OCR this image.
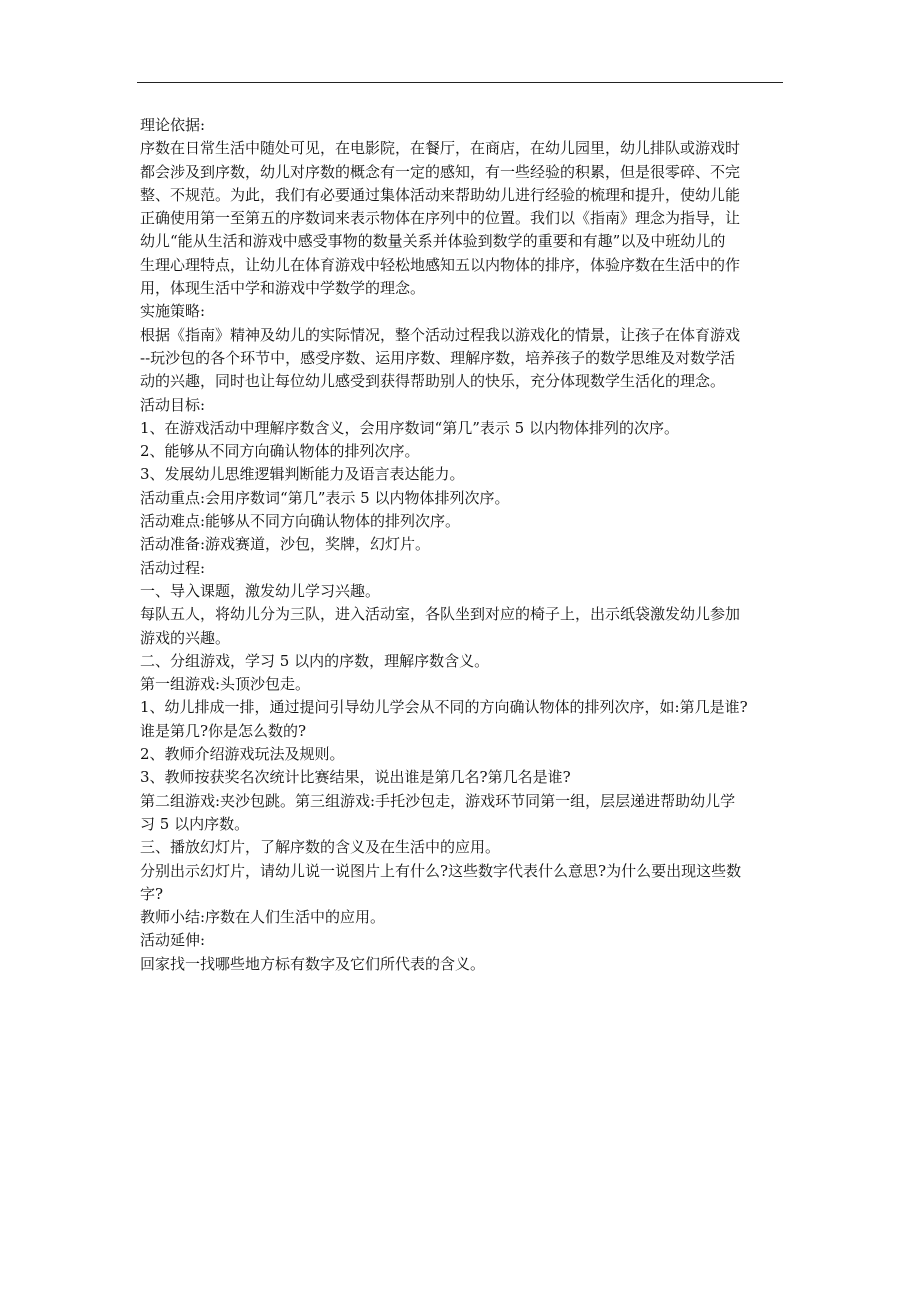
理论依据:
序数在日常生活中随处可见，在电影院，在餐厅，在商店，在幼儿园里，幼儿排队或游戏时
都会涉及到序数，幼儿对序数的概念有一定的感知，有一些经验的积累，但是很零碎、不完
整、不规范。为此，我们有必要通过集体活动来帮助幼儿进行经验的梳理和提升，使幼儿能
正确使用第一至第五的序数词来表示物体在序列中的位置。我们以《指南》理念为指导，让
幼儿“能从生活和游戏中感受事物的数量关系并体验到数学的重要和有趣”以及中班幼儿的
生理心理特点，让幼儿在体育游戏中轻松地感知五以内物体的排序，体验序数在生活中的作
用，体现生活中学和游戏中学数学的理念。
实施策略:
根据《指南》精神及幼儿的实际情况，整个活动过程我以游戏化的情景，让孩子在体育游戏
--玩沙包的各个环节中，感受序数、运用序数、理解序数，培养孩子的数学思维及对数学活
动的兴趣，同时也让每位幼儿感受到获得帮助别人的快乐，充分体现数学生活化的理念。
活动目标:
1、在游戏活动中理解序数含义，会用序数词“第几”表示 5 以内物体排列的次序。
2、能够从不同方向确认物体的排列次序。
3、发展幼儿思维逻辑判断能力及语言表达能力。
活动重点:会用序数词“第几”表示 5 以内物体排列次序。
活动难点:能够从不同方向确认物体的排列次序。
活动准备:游戏赛道，沙包，奖牌，幻灯片。
活动过程:
一、导入课题，激发幼儿学习兴趣。
每队五人，将幼儿分为三队，进入活动室，各队坐到对应的椅子上，出示纸袋激发幼儿参加
游戏的兴趣。
二、分组游戏，学习 5 以内的序数，理解序数含义。
第一组游戏:头顶沙包走。
1、幼儿排成一排，通过提问引导幼儿学会从不同的方向确认物体的排列次序，如:第几是谁?
谁是第几?你是怎么数的?
2、教师介绍游戏玩法及规则。
3、教师按获奖名次统计比赛结果，说出谁是第几名?第几名是谁?
第二组游戏:夹沙包跳。第三组游戏:手托沙包走，游戏环节同第一组，层层递进帮助幼儿学
习 5 以内序数。
三、播放幻灯片，了解序数的含义及在生活中的应用。
分别出示幻灯片，请幼儿说一说图片上有什么?这些数字代表什么意思?为什么要出现这些数
字?
教师小结:序数在人们生活中的应用。
活动延伸:
回家找一找哪些地方标有数字及它们所代表的含义。
